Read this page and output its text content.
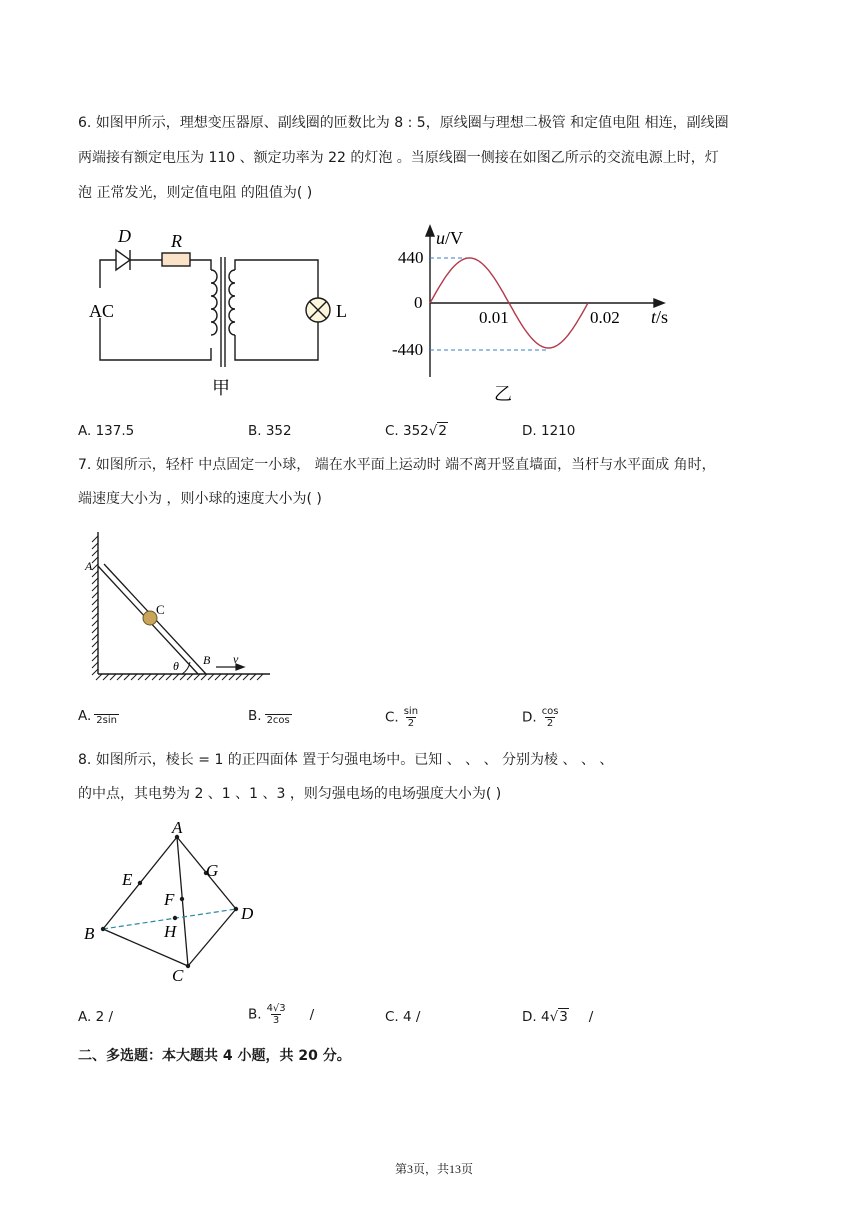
6. 如图甲所示，理想变压器原、副线圈的匝数比为 8 : 5，原线圈与理想二极管 和定值电阻 相连，副线圈
两端接有额定电压为 110 、额定功率为 22 的灯泡 。当原线圈一侧接在如图乙所示的交流电源上时，灯
泡 正常发光，则定值电阻 的阻值为( )
D R
AC	L
甲
u/V
440
0
-440
0.01	0.02 t/s
乙
A. 137.5	B. 352	C. 352√2	D. 1210
7. 如图所示，轻杆 中点固定一小球， 端在水平面上运动时 端不离开竖直墙面，当杆与水平面成 角时，
端速度大小为 ，则小球的速度大小为( )
A
C
B
θ	v
A. 2sin	B. 2cos	C. $\frac{\sin}{2}$	D. $\frac{\cos}{2}$
8. 如图所示，棱长 = 1 的正四面体 置于匀强电场中。已知 、 、 、 分别为棱 、 、 、
的中点，其电势为 2 、1 、1 、3 ，则匀强电场的电场强度大小为( )
A
B
C
D
E
F
G
H
A. 2 /	B. $\frac{4√3}{3}$ /	C. 4 /	D. 4√3 /
二、多选题：本大题共 4 小题，共 20 分。
第3页，共13页
